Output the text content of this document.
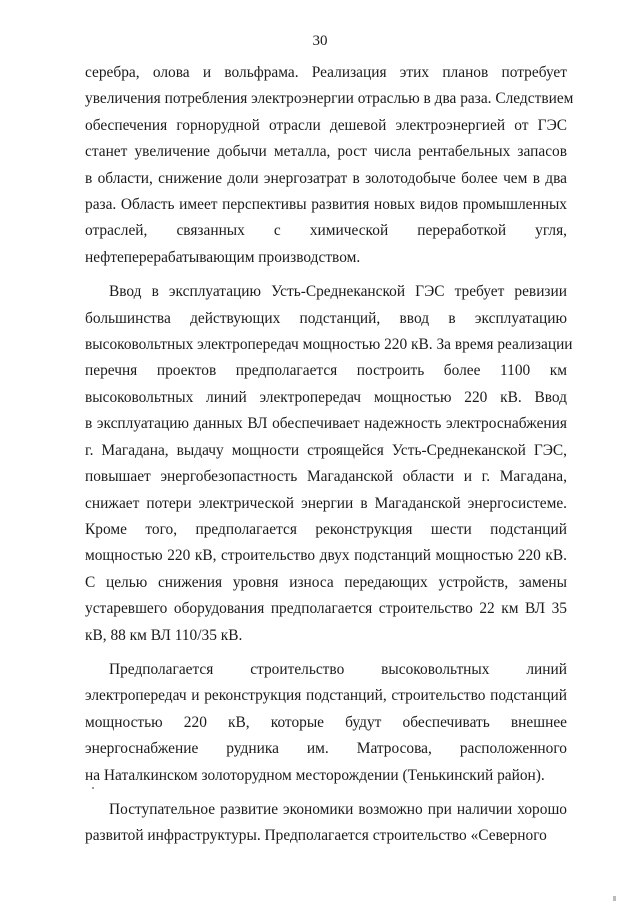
30

серебра, олова и вольфрама. Реализация этих планов потребует
увеличения потребления электроэнергии отраслью в два раза. Следствием
обеспечения горнорудной отрасли дешевой электроэнергией от ГЭС
станет увеличение добычи металла, рост числа рентабельных запасов
в области, снижение доли энергозатрат в золотодобыче более чем в два
раза. Область имеет перспективы развития новых видов промышленных
отраслей, связанных с химической переработкой угля,
нефтеперерабатывающим производством.

Ввод в эксплуатацию Усть-Среднеканской ГЭС требует ревизии
большинства действующих подстанций, ввод в эксплуатацию
высоковольтных электропередач мощностью 220 кВ. За время реализации
перечня проектов предполагается построить более 1100 км
высоковольтных линий электропередач мощностью 220 кВ. Ввод
в эксплуатацию данных ВЛ обеспечивает надежность электроснабжения
г. Магадана, выдачу мощности строящейся Усть-Среднеканской ГЭС,
повышает энергобезопастность Магаданской области и г. Магадана,
снижает потери электрической энергии в Магаданской энергосистеме.
Кроме того, предполагается реконструкция шести подстанций
мощностью 220 кВ, строительство двух подстанций мощностью 220 кВ.
С целью снижения уровня износа передающих устройств, замены
устаревшего оборудования предполагается строительство 22 км ВЛ 35
кВ, 88 км ВЛ 110/35 кВ.

Предполагается строительство высоковольтных линий
электропередач и реконструкция подстанций, строительство подстанций
мощностью 220 кВ, которые будут обеспечивать внешнее
энергоснабжение рудника им. Матросова, расположенного
на Наталкинском золоторудном месторождении (Тенькинский район).

Поступательное развитие экономики возможно при наличии хорошо
развитой инфраструктуры. Предполагается строительство «Северного
